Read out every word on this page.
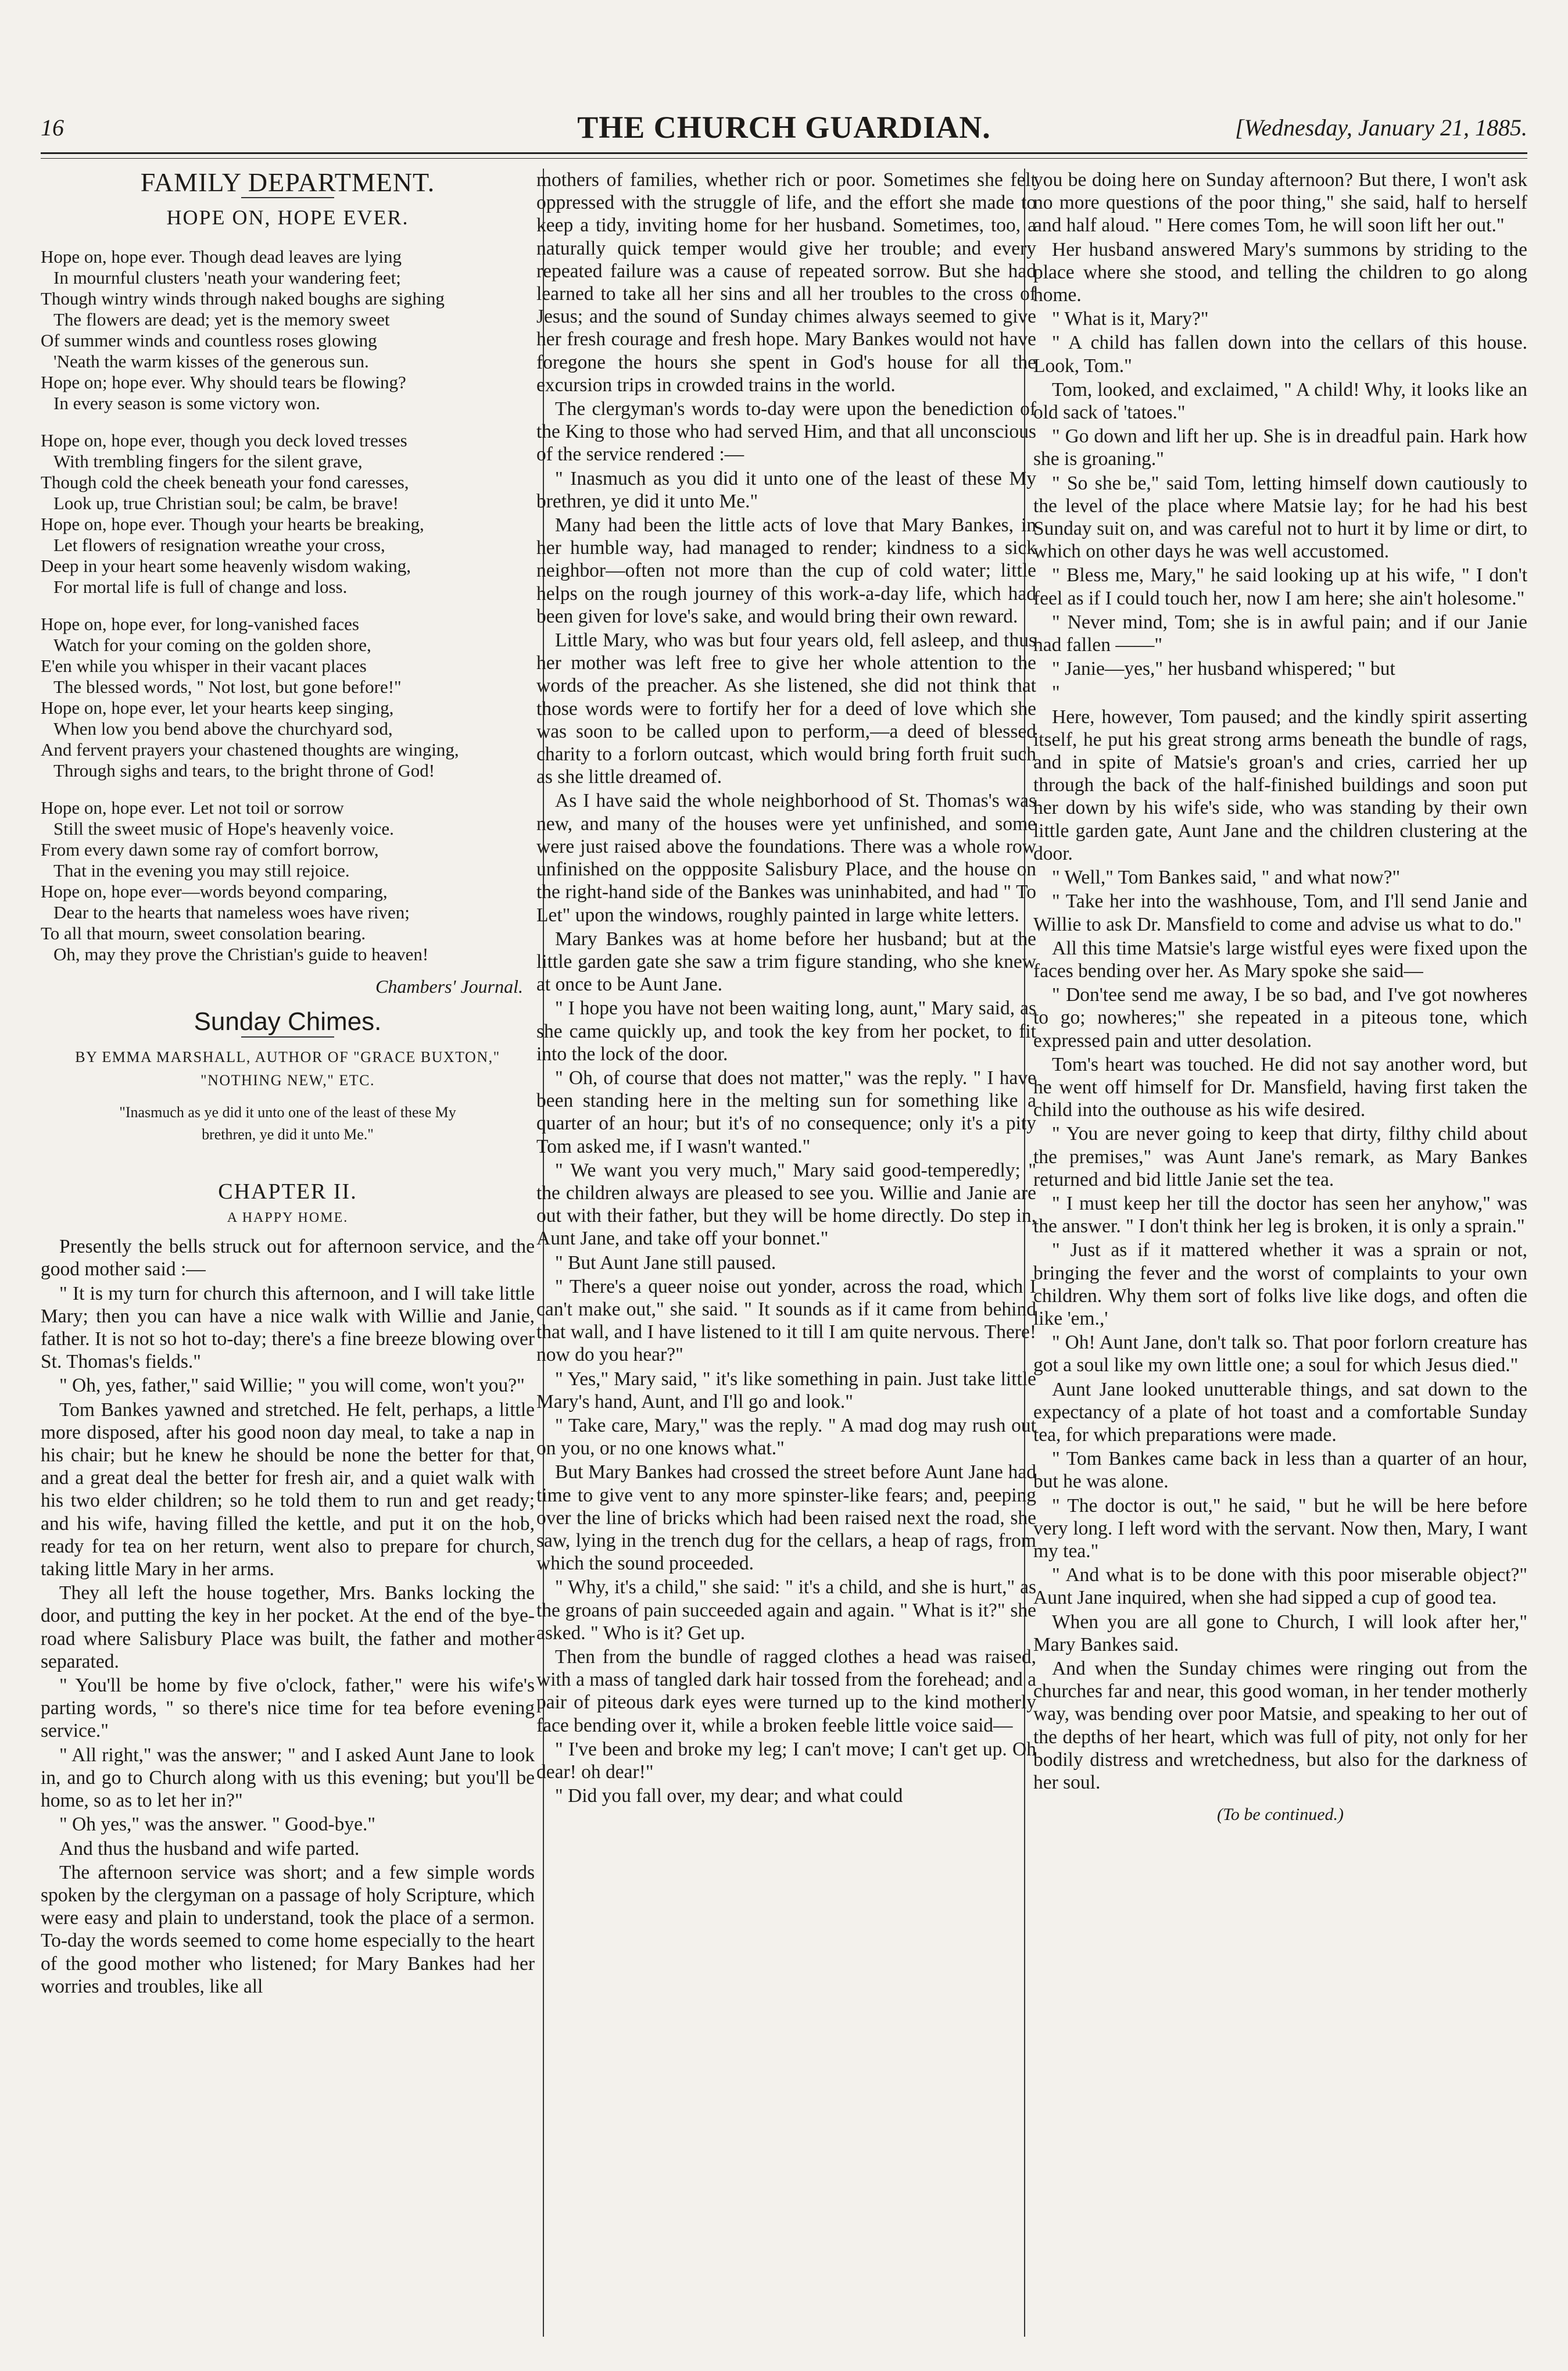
16	THE CHURCH GUARDIAN.	[Wednesday, January 21, 1885.
FAMILY DEPARTMENT.
HOPE ON, HOPE EVER.
Hope on, hope ever. Though dead leaves are lying
In mournful clusters 'neath your wandering feet;
Though wintry winds through naked boughs are sighing
The flowers are dead; yet is the memory sweet
Of summer winds and countless roses glowing
'Neath the warm kisses of the generous sun.
Hope on; hope ever. Why should tears be flowing?
In every season is some victory won.
Hope on, hope ever, though you deck loved tresses
With trembling fingers for the silent grave,
Though cold the cheek beneath your fond caresses,
Look up, true Christian soul; be calm, be brave!
Hope on, hope ever. Though your hearts be breaking,
Let flowers of resignation wreathe your cross,
Deep in your heart some heavenly wisdom waking,
For mortal life is full of change and loss.
Hope on, hope ever, for long-vanished faces
Watch for your coming on the golden shore,
E'en while you whisper in their vacant places
The blessed words, " Not lost, but gone before!"
Hope on, hope ever, let your hearts keep singing,
When low you bend above the churchyard sod,
And fervent prayers your chastened thoughts are winging,
Through sighs and tears, to the bright throne of God!
Hope on, hope ever. Let not toil or sorrow
Still the sweet music of Hope's heavenly voice.
From every dawn some ray of comfort borrow,
That in the evening you may still rejoice.
Hope on, hope ever—words beyond comparing,
Dear to the hearts that nameless woes have riven;
To all that mourn, sweet consolation bearing.
Oh, may they prove the Christian's guide to heaven!
Chambers' Journal.
Sunday Chimes.
BY EMMA MARSHALL, AUTHOR OF "GRACE BUXTON,"
"NOTHING NEW," ETC.
"Inasmuch as ye did it unto one of the least of these My
brethren, ye did it unto Me."
CHAPTER II.
A HAPPY HOME.

Presently the bells struck out for afternoon service, and the good mother said :—

" It is my turn for church this afternoon, and I will take little Mary; then you can have a nice walk with Willie and Janie, father. It is not so hot to-day; there's a fine breeze blowing over St. Thomas's fields."

" Oh, yes, father," said Willie; " you will come, won't you?"

Tom Bankes yawned and stretched. He felt, perhaps, a little more disposed, after his good noon day meal, to take a nap in his chair; but he knew he should be none the better for that, and a great deal the better for fresh air, and a quiet walk with his two elder children; so he told them to run and get ready; and his wife, having filled the kettle, and put it on the hob, ready for tea on her return, went also to prepare for church, taking little Mary in her arms.

They all left the house together, Mrs. Banks locking the door, and putting the key in her pocket. At the end of the bye-road where Salisbury Place was built, the father and mother separated.

" You'll be home by five o'clock, father," were his wife's parting words, " so there's nice time for tea before evening service."

" All right," was the answer; " and I asked Aunt Jane to look in, and go to Church along with us this evening; but you'll be home, so as to let her in?"

" Oh yes," was the answer. " Good-bye."

And thus the husband and wife parted.

The afternoon service was short; and a few simple words spoken by the clergyman on a passage of holy Scripture, which were easy and plain to understand, took the place of a sermon. To-day the words seemed to come home especially to the heart of the good mother who listened; for Mary Bankes had her worries and troubles, like all

mothers of families, whether rich or poor. Sometimes she felt oppressed with the struggle of life, and the effort she made to keep a tidy, inviting home for her husband. Sometimes, too, a naturally quick temper would give her trouble; and every repeated failure was a cause of repeated sorrow. But she had learned to take all her sins and all her troubles to the cross of Jesus; and the sound of Sunday chimes always seemed to give her fresh courage and fresh hope. Mary Bankes would not have foregone the hours she spent in God's house for all the excursion trips in crowded trains in the world.

The clergyman's words to-day were upon the benediction of the King to those who had served Him, and that all unconscious of the service rendered :—

" Inasmuch as you did it unto one of the least of these My brethren, ye did it unto Me."

Many had been the little acts of love that Mary Bankes, in her humble way, had managed to render; kindness to a sick neighbor—often not more than the cup of cold water; little helps on the rough journey of this work-a-day life, which had been given for love's sake, and would bring their own reward.

Little Mary, who was but four years old, fell asleep, and thus her mother was left free to give her whole attention to the words of the preacher. As she listened, she did not think that those words were to fortify her for a deed of love which she was soon to be called upon to perform,—a deed of blessed charity to a forlorn outcast, which would bring forth fruit such as she little dreamed of.

As I have said the whole neighborhood of St. Thomas's was new, and many of the houses were yet unfinished, and some were just raised above the foundations. There was a whole row unfinished on the oppposite Salisbury Place, and the house on the right-hand side of the Bankes was uninhabited, and had " To Let" upon the windows, roughly painted in large white letters.

Mary Bankes was at home before her husband; but at the little garden gate she saw a trim figure standing, who she knew at once to be Aunt Jane.

" I hope you have not been waiting long, aunt," Mary said, as she came quickly up, and took the key from her pocket, to fit into the lock of the door.

" Oh, of course that does not matter," was the reply. " I have been standing here in the melting sun for something like a quarter of an hour; but it's of no consequence; only it's a pity Tom asked me, if I wasn't wanted."

" We want you very much," Mary said good-temperedly; " the children always are pleased to see you. Willie and Janie are out with their father, but they will be home directly. Do step in, Aunt Jane, and take off your bonnet."

" But Aunt Jane still paused.

" There's a queer noise out yonder, across the road, which I can't make out," she said. " It sounds as if it came from behind that wall, and I have listened to it till I am quite nervous. There! now do you hear?"

" Yes," Mary said, " it's like something in pain. Just take little Mary's hand, Aunt, and I'll go and look."

" Take care, Mary," was the reply. " A mad dog may rush out on you, or no one knows what."

But Mary Bankes had crossed the street before Aunt Jane had time to give vent to any more spinster-like fears; and, peeping over the line of bricks which had been raised next the road, she saw, lying in the trench dug for the cellars, a heap of rags, from which the sound proceeded.

" Why, it's a child," she said: " it's a child, and she is hurt," as the groans of pain succeeded again and again. " What is it?" she asked. " Who is it? Get up.

Then from the bundle of ragged clothes a head was raised, with a mass of tangled dark hair tossed from the forehead; and a pair of piteous dark eyes were turned up to the kind motherly face bending over it, while a broken feeble little voice said—

" I've been and broke my leg; I can't move; I can't get up. Oh dear! oh dear!"

" Did you fall over, my dear; and what could

you be doing here on Sunday afternoon? But there, I won't ask no more questions of the poor thing," she said, half to herself and half aloud. " Here comes Tom, he will soon lift her out."

Her husband answered Mary's summons by striding to the place where she stood, and telling the children to go along home.

" What is it, Mary?"

" A child has fallen down into the cellars of this house. Look, Tom."

Tom, looked, and exclaimed, " A child! Why, it looks like an old sack of 'tatoes."

" Go down and lift her up. She is in dreadful pain. Hark how she is groaning."

" So she be," said Tom, letting himself down cautiously to the level of the place where Matsie lay; for he had his best Sunday suit on, and was careful not to hurt it by lime or dirt, to which on other days he was well accustomed.

" Bless me, Mary," he said looking up at his wife, " I don't feel as if I could touch her, now I am here; she ain't holesome."

" Never mind, Tom; she is in awful pain; and if our Janie had fallen ——"

" Janie—yes," her husband whispered; " but

"

Here, however, Tom paused; and the kindly spirit asserting itself, he put his great strong arms beneath the bundle of rags, and in spite of Matsie's groan's and cries, carried her up through the back of the half-finished buildings and soon put her down by his wife's side, who was standing by their own little garden gate, Aunt Jane and the children clustering at the door.

" Well," Tom Bankes said, " and what now?"

" Take her into the washhouse, Tom, and I'll send Janie and Willie to ask Dr. Mansfield to come and advise us what to do."

All this time Matsie's large wistful eyes were fixed upon the faces bending over her. As Mary spoke she said—

" Don'tee send me away, I be so bad, and I've got nowheres to go; nowheres;" she repeated in a piteous tone, which expressed pain and utter desolation.

Tom's heart was touched. He did not say another word, but he went off himself for Dr. Mansfield, having first taken the child into the outhouse as his wife desired.

" You are never going to keep that dirty, filthy child about the premises," was Aunt Jane's remark, as Mary Bankes returned and bid little Janie set the tea.

" I must keep her till the doctor has seen her anyhow," was the answer. " I don't think her leg is broken, it is only a sprain."

" Just as if it mattered whether it was a sprain or not, bringing the fever and the worst of complaints to your own children. Why them sort of folks live like dogs, and often die like 'em.,'

" Oh! Aunt Jane, don't talk so. That poor forlorn creature has got a soul like my own little one; a soul for which Jesus died."

Aunt Jane looked unutterable things, and sat down to the expectancy of a plate of hot toast and a comfortable Sunday tea, for which preparations were made.

" Tom Bankes came back in less than a quarter of an hour, but he was alone.

" The doctor is out," he said, " but he will be here before very long. I left word with the servant. Now then, Mary, I want my tea."

" And what is to be done with this poor miserable object?" Aunt Jane inquired, when she had sipped a cup of good tea.

When you are all gone to Church, I will look after her," Mary Bankes said.

And when the Sunday chimes were ringing out from the churches far and near, this good woman, in her tender motherly way, was bending over poor Matsie, and speaking to her out of the depths of her heart, which was full of pity, not only for her bodily distress and wretchedness, but also for the darkness of her soul.

(To be continued.)
